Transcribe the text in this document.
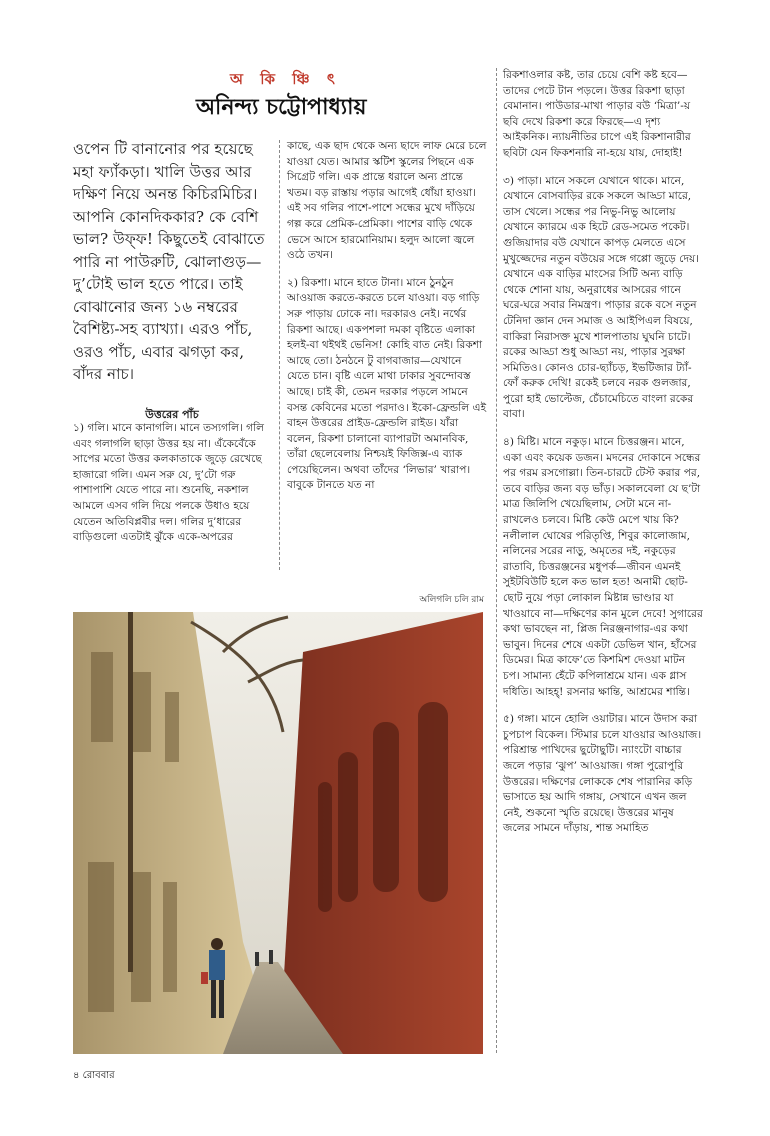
অ কি ঞ্চি ৎ
অনিন্দ্য চট্টোপাধ্যায়

ওপেন টি বানানোর পর হয়েছে মহা ফ্যাঁকড়া। খালি উত্তর আর দক্ষিণ নিয়ে অনন্ত কিচিরমিচির। আপনি কোনদিককার? কে বেশি ভাল? উফ্ফ! কিছুতেই বোঝাতে পারি না পাউরুটি, ঝোলাগুড়—দু’টোই ভাল হতে পারে। তাই বোঝানোর জন্য ১৬ নম্বরের বৈশিষ্ট্য-সহ ব্যাখ্যা। এরও পাঁচ, ওরও পাঁচ, এবার ঝগড়া কর, বাঁদর নাচ।

উত্তরের পাঁচ

১) গলি। মানে কানাগলি। মানে তস্যগলি। গলি এবং গলাগলি ছাড়া উত্তর হয় না। এঁকেবেঁকে সাপের মতো উত্তর কলকাতাকে জুড়ে রেখেছে হাজারো গলি। এমন সরু যে, দু’টো গরু পাশাপাশি যেতে পারে না। শুনেছি, নকশাল আমলে এসব গলি দিয়ে পলকে উধাও হয়ে যেতেন অতিবিপ্লবীর দল। গলির দু’ধারের বাড়িগুলো এতটাই ঝুঁকে একে-অপরের

কাছে, এক ছাদ থেকে অন্য ছাদে লাফ মেরে চলে যাওয়া যেত। আমার স্কটিশ স্কুলের পিছনে এক সিগ্রেট গলি। এক প্রান্তে ধরালে অন্য প্রান্তে খতম। বড় রাস্তায় পড়ার আগেই ধোঁয়া হাওয়া। এই সব গলির পাশে-পাশে সন্ধের মুখে দাঁড়িয়ে গল্প করে প্রেমিক-প্রেমিকা। পাশের বাড়ি থেকে ভেসে আসে হারমোনিয়াম। হলুদ আলো জ্বলে ওঠে তখন।

২) রিকশা। মানে হাতে টানা। মানে ঠুনঠুন আওয়াজ করতে-করতে চলে যাওয়া। বড় গাড়ি সরু পাড়ায় ঢোকে না। দরকারও নেই। নর্থের রিকশা আছে। একপশলা দমকা বৃষ্টিতে এলাকা হলই-বা থইথই ভেনিস! কোহি বাত নেই। রিকশা আছে তো। ঠনঠনে টু বাগবাজার—যেখানে যেতে চান। বৃষ্টি এলে মাথা ঢাকার সুবন্দোবস্ত আছে। চাই কী, তেমন দরকার পড়লে সামনে বসন্ত কেবিনের মতো পরদাও। ইকো-ফ্রেন্ডলি এই বাহন উত্তরের প্রাইড-ফ্রেন্ডলি রাইড। যাঁরা বলেন, রিকশা চালানো ব্যাপারটা অমানবিক, তাঁরা ছেলেবেলায় নিশ্চয়ই ফিজিক্স-এ ব্যাক পেয়েছিলেন। অথবা তাঁদের ‘লিভার’ খারাপ। বাবুকে টানতে যত না

রিকশাওলার কষ্ট, তার চেয়ে বেশি কষ্ট হবে—তাদের পেটে টান পড়লে। উত্তর রিকশা ছাড়া বেমানান। পাউডার-মাখা পাড়ার বউ ‘মিত্রা’-য় ছবি দেখে রিকশা করে ফিরছে—এ দৃশ্য আইকনিক। ন্যায়নীতির চাপে এই রিকশানারীর ছবিটা যেন ফিকশনারি না-হয়ে যায়, দোহাই!

৩) পাড়া। মানে সকলে যেখানে থাকে। মানে, যেখানে বোসবাড়ির রকে সকলে আড্ডা মারে, তাস খেলে। সন্ধের পর নিভু-নিভু আলোয় যেখানে ক্যারমে এক হিটে রেড-সমেত পকেট। গুজিয়াদার বউ যেখানে কাপড় মেলতে এসে মুখুজ্জেদের নতুন বউয়ের সঙ্গে গপ্পো জুড়ে দেয়। যেখানে এক বাড়ির মাংসের সিটি অন্য বাড়ি থেকে শোনা যায়, অনুরাধের আসরের গানে ঘরে-ঘরে সবার নিমন্ত্রণ। পাড়ার রকে বসে নতুন টেনিদা জ্ঞান দেন সমাজ ও আইপিএল বিষয়ে, বাকিরা নিরাসক্ত মুখে শালপাতায় ঘুঘনি চাটে। রকের আড্ডা শুধু আড্ডা নয়, পাড়ার সুরক্ষা সমিতিও। কোনও চোর-ছ্যাঁচড়, ইভটিজার ট্যাঁ-ফোঁ করুক দেখি! রকেই চলবে নরক গুলজার, পুরো হাই ভোল্টেজ, চেঁচামেচিতে বাংলা রকের বাবা।

৪) মিষ্টি। মানে নকুড়। মানে চিত্তরঞ্জন। মানে, একা এবং কয়েক ডজন। মদনের দোকানে সন্ধের পর গরম রসগোল্লা। তিন-চারটে টেস্ট করার পর, তবে বাড়ির জন্য বড় ভাঁড়। সকালবেলা যে ছ’টা মাত্র জিলিপি খেয়েছিলাম, সেটা মনে না-রাখলেও চলবে। মিষ্টি কেউ মেপে খায় কি? নলীলাল ঘোষের পরিতৃপ্তি, শিবুর কালোজাম, নলিনের সরের নাড়ু, অমৃতের দই, নকুড়ের রাতাবি, চিত্তরঞ্জনের মধুপর্ক—জীবন এমনই সুইটবিউটি হলে কত ভাল হত! অনামী ছোট-ছোট নুয়ে পড়া লোকাল মিষ্টান্ন ভাণ্ডার যা খাওয়াবে না—দক্ষিণের কান মুলে দেবে! সুগারের কথা ভাবছেন না, প্লিজ নিরঞ্জনাগার-এর কথা ভাবুন। দিনের শেষে একটা ডেভিল খান, হাঁসের ডিমের। মিত্র কাফে’তে কিশমিশ দেওয়া মাটন চপ। সামান্য হেঁটে কপিলাশ্রমে যান। এক গ্লাস দধিতি। আহহ্! রসনার ক্ষান্তি, আশ্রমের শান্তি।

৫) গঙ্গা। মানে হোলি ওয়াটার। মানে উদাস করা চুপচাপ বিকেল। স্টিমার চলে যাওয়ার আওয়াজ। পরিশ্রান্ত পাখিদের ছুটোছুটি। ন্যাংটো বাচ্চার জলে পড়ার ‘ঝুপ’ আওয়াজ। গঙ্গা পুরোপুরি উত্তরের। দক্ষিণের লোককে শেষ পারানির কড়ি ভাসাতে হয় আদি গঙ্গায়, সেখানে এখন জল নেই, শুকনো স্মৃতি রয়েছে। উত্তরের মানুষ জলের সামনে দাঁড়ায়, শান্ত সমাহিত

অলিগলি চলি রাম
৪ রোববার
